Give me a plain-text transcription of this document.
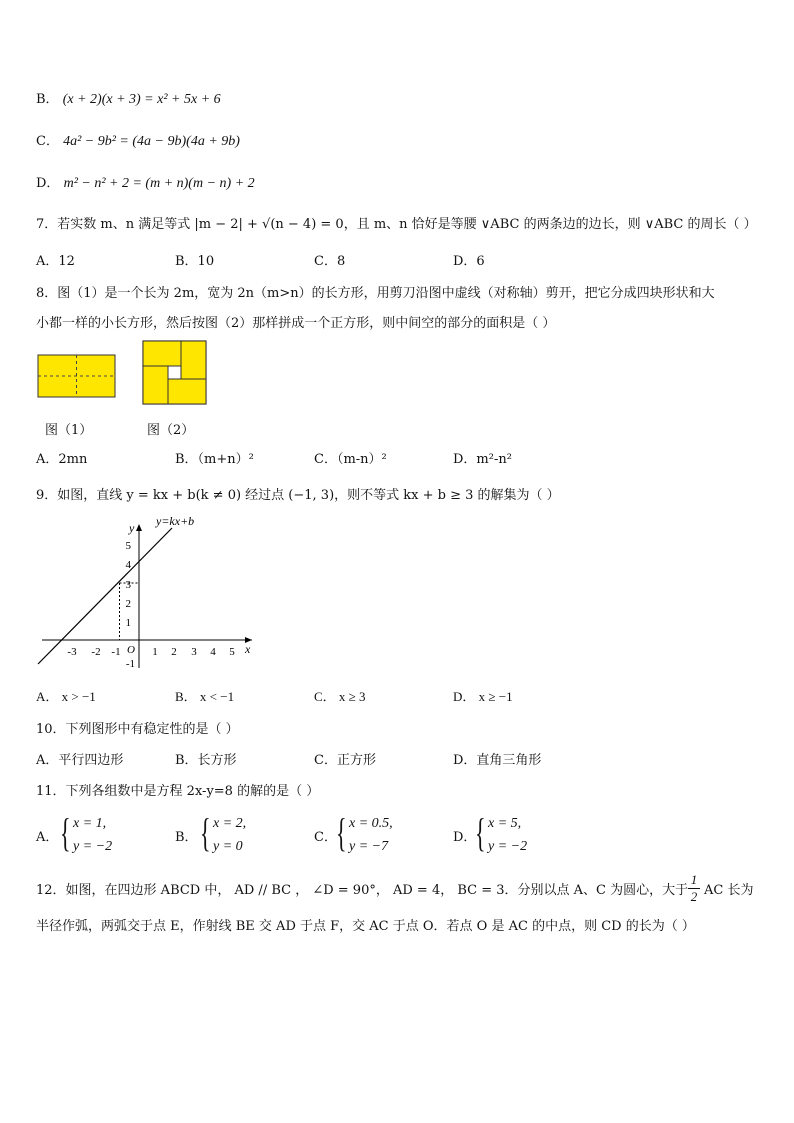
B． (x + 2)(x + 3) = x² + 5x + 6
C． 4a² − 9b² = (4a − 9b)(4a + 9b)
D． m² − n² + 2 = (m + n)(m − n) + 2
7．若实数 m、n 满足等式 |m − 2| + √(n − 4) = 0，且 m、n 恰好是等腰 ∨ABC 的两条边的边长，则 ∨ABC 的周长（ ）
A．12	B．10	C．8	D．6
8．图（1）是一个长为 2m，宽为 2n（m>n）的长方形，用剪刀沿图中虚线（对称轴）剪开，把它分成四块形状和大
小都一样的小长方形，然后按图（2）那样拼成一个正方形，则中间空的部分的面积是（ ）
图（1）	图（2）
A．2mn	B．（m+n）²	C．（m-n）²	D．m²-n²
9．如图，直线 y = kx + b(k ≠ 0) 经过点 (−1, 3)，则不等式 kx + b ≥ 3 的解集为（ ）
-3 -2 -1	1 2 3 4 5 x
O
5
4
3
2
1
-1
y y=kx+b
A． x > −1	B． x < −1	C． x ≥ 3	D． x ≥ −1
10．下列图形中有稳定性的是（ ）
A．平行四边形	B．长方形	C．正方形	D．直角三角形
11．下列各组数中是方程 2x-y=8 的解的是（ ）
A． { x = 1,
y = −2
B． { x = 2,
y = 0
C． { x = 0.5,
y = −7
D．
{ x = 5,
y = −2
12．如图，在四边形 ABCD 中， AD // BC ， ∠D = 90°， AD = 4， BC = 3．分别以点 A、C 为圆心，大于
1
2 AC 长为
半径作弧，两弧交于点 E，作射线 BE 交 AD 于点 F，交 AC 于点 O．若点 O 是 AC 的中点，则 CD 的长为（ ）
